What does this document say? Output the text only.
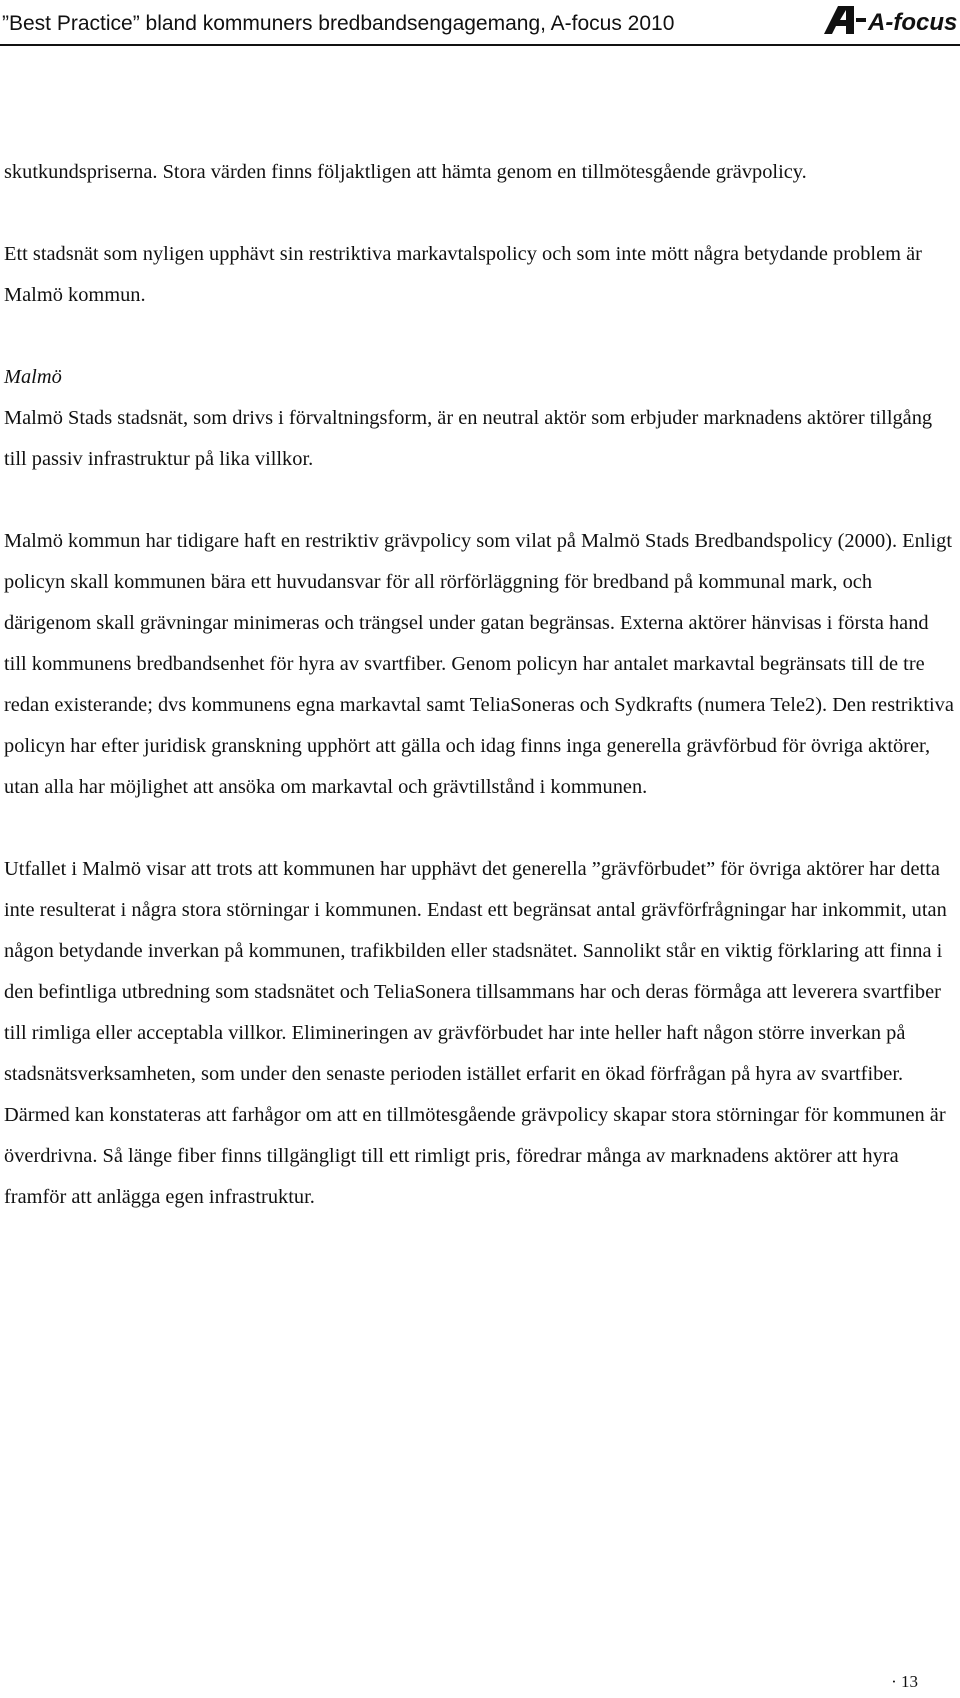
”Best Practice” bland kommuners bredbandsengagemang, A-focus 2010	A-focus

skutkundspriserna. Stora värden finns följaktligen att hämta genom en tillmötesgående grävpolicy.

Ett stadsnät som nyligen upphävt sin restriktiva markavtalspolicy och som inte mött några betydande problem är Malmö kommun.

Malmö
Malmö Stads stadsnät, som drivs i förvaltningsform, är en neutral aktör som erbjuder marknadens aktörer tillgång till passiv infrastruktur på lika villkor.

Malmö kommun har tidigare haft en restriktiv grävpolicy som vilat på Malmö Stads Bredbandspolicy (2000). Enligt policyn skall kommunen bära ett huvudansvar för all rörförläggning för bredband på kommunal mark, och därigenom skall grävningar minimeras och trängsel under gatan begränsas. Externa aktörer hänvisas i första hand till kommunens bredbandsenhet för hyra av svartfiber. Genom policyn har antalet markavtal begränsats till de tre redan existerande; dvs kommunens egna markavtal samt TeliaSoneras och Sydkrafts (numera Tele2). Den restriktiva policyn har efter juridisk granskning upphört att gälla och idag finns inga generella grävförbud för övriga aktörer, utan alla har möjlighet att ansöka om markavtal och grävtillstånd i kommunen.

Utfallet i Malmö visar att trots att kommunen har upphävt det generella ”grävförbudet” för övriga aktörer har detta inte resulterat i några stora störningar i kommunen. Endast ett begränsat antal grävförfrågningar har inkommit, utan någon betydande inverkan på kommunen, trafikbilden eller stadsnätet. Sannolikt står en viktig förklaring att finna i den befintliga utbredning som stadsnätet och TeliaSonera tillsammans har och deras förmåga att leverera svartfiber till rimliga eller acceptabla villkor. Elimineringen av grävförbudet har inte heller haft någon större inverkan på stadsnätsverksamheten, som under den senaste perioden istället erfarit en ökad förfrågan på hyra av svartfiber. Därmed kan konstateras att farhågor om att en tillmötesgående grävpolicy skapar stora störningar för kommunen är överdrivna. Så länge fiber finns tillgängligt till ett rimligt pris, föredrar många av marknadens aktörer att hyra framför att anlägga egen infrastruktur.

· 13
